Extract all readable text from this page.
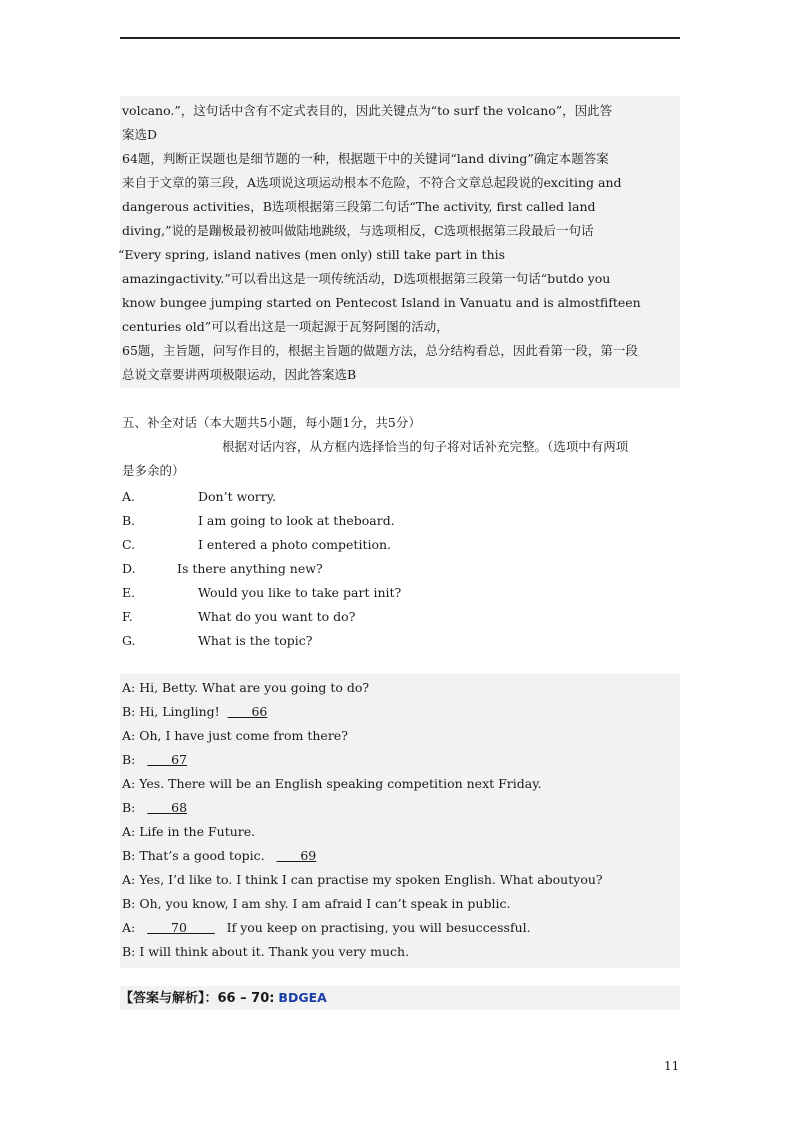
volcano.”，这句话中含有不定式表目的，因此关键点为“to surf the volcano”，因此答
案选D
64题，判断正误题也是细节题的一种，根据题干中的关键词“land diving”确定本题答案
来自于文章的第三段，A选项说这项运动根本不危险，不符合文章总起段说的exciting and
dangerous activities，B选项根据第三段第二句话“The activity, first called land
diving,”说的是蹦极最初被叫做陆地跳级，与选项相反，C选项根据第三段最后一句话
“Every spring, island natives (men only) still take part in this
amazingactivity.”可以看出这是一项传统活动，D选项根据第三段第一句话“butdo you
know bungee jumping started on Pentecost Island in Vanuatu and is almostfifteen
centuries old”可以看出这是一项起源于瓦努阿图的活动，
65题，主旨题，问写作目的，根据主旨题的做题方法，总分结构看总，因此看第一段，第一段
总说文章要讲两项极限运动，因此答案选B
五、补全对话（本大题共5小题，每小题1分，共5分）
根据对话内容，从方框内选择恰当的句子将对话补充完整。（选项中有两项
是多余的）
A.	Don’t worry.
B.	I am going to look at theboard.
C.	I entered a photo competition.
D.	Is there anything new?
E.	Would you like to take part init?
F.	What do you want to do?
G.	What is the topic?
A: Hi, Betty. What are you going to do?
B: Hi, Lingling!	66
A: Oh, I have just come from there?
B:	67
A: Yes. There will be an English speaking competition next Friday.
B:	68
A: Life in the Future.
B: That’s a good topic.	69
A: Yes, I’d like to. I think I can practise my spoken English. What aboutyou?
B: Oh, you know, I am shy. I am afraid I can’t speak in public.
A:	70	If you keep on practising, you will besuccessful.
B: I will think about it. Thank you very much.
【答案与解析】：66 – 70: BDGEA
11
